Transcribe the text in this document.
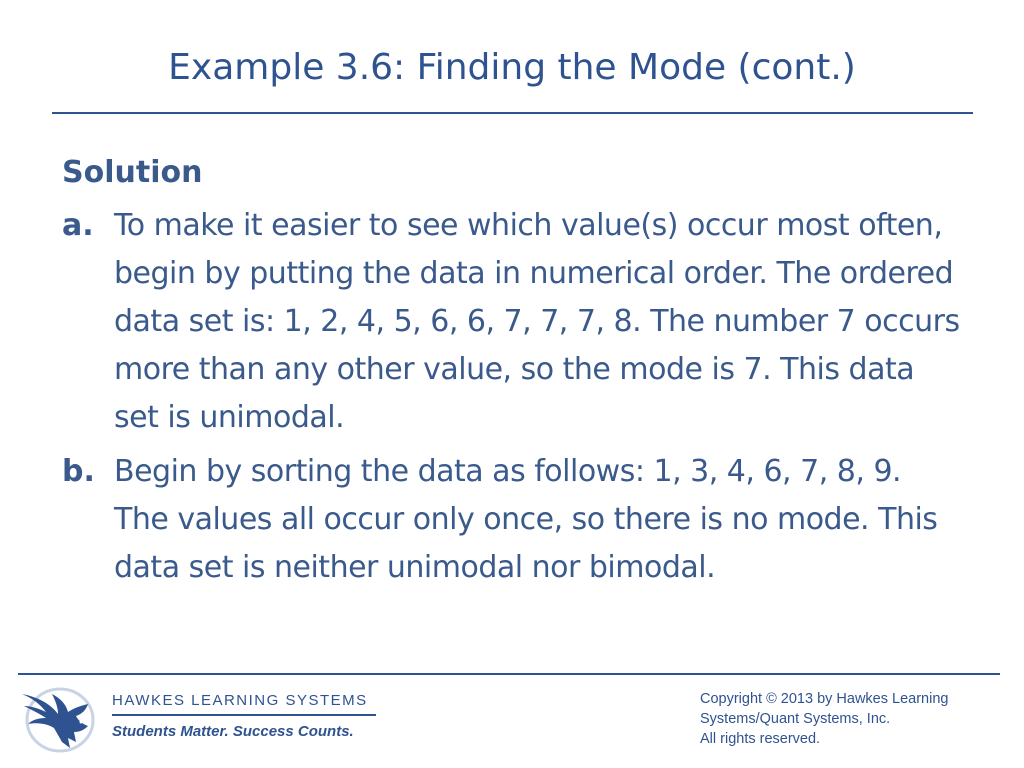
Example 3.6: Finding the Mode (cont.)
Solution
a. To make it easier to see which value(s) occur most often, begin by putting the data in numerical order. The ordered data set is: 1, 2, 4, 5, 6, 6, 7, 7, 7, 8. The number 7 occurs more than any other value, so the mode is 7. This data set is unimodal.
b. Begin by sorting the data as follows: 1, 3, 4, 6, 7, 8, 9. The values all occur only once, so there is no mode. This data set is neither unimodal nor bimodal.
HAWKES LEARNING SYSTEMS
Students Matter. Success Counts.
Copyright © 2013 by Hawkes Learning
Systems/Quant Systems, Inc.
All rights reserved.
